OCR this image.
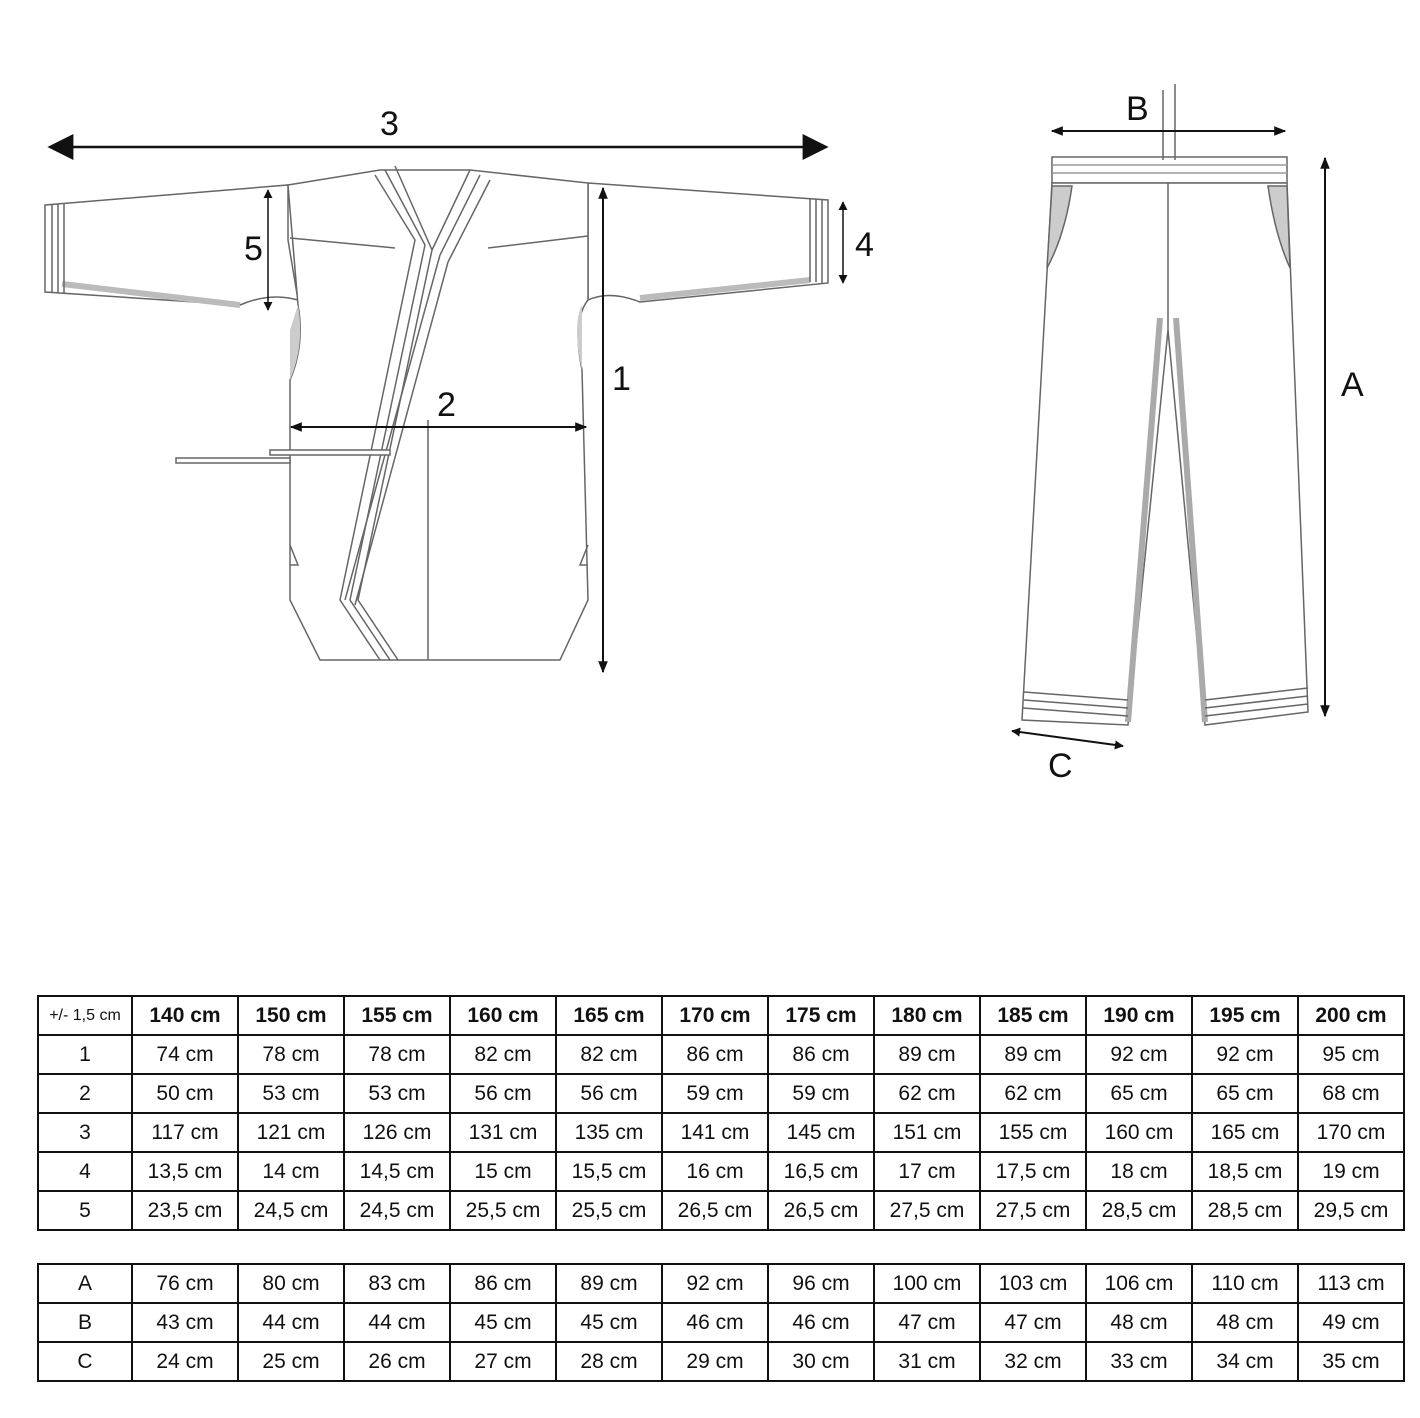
3
1
2
5	4
B
A
C
+/- 1,5 cm	140 cm	150 cm	155 cm	160 cm	165 cm	170 cm	175 cm	180 cm	185 cm	190 cm	195 cm	200 cm
1	74 cm	78 cm	78 cm	82 cm	82 cm	86 cm	86 cm	89 cm	89 cm	92 cm	92 cm	95 cm
2	50 cm	53 cm	53 cm	56 cm	56 cm	59 cm	59 cm	62 cm	62 cm	65 cm	65 cm	68 cm
3	117 cm	121 cm	126 cm	131 cm	135 cm	141 cm	145 cm	151 cm	155 cm	160 cm	165 cm	170 cm
4	13,5 cm	14 cm	14,5 cm	15 cm	15,5 cm	16 cm	16,5 cm	17 cm	17,5 cm	18 cm	18,5 cm	19 cm
5	23,5 cm	24,5 cm	24,5 cm	25,5 cm	25,5 cm	26,5 cm	26,5 cm	27,5 cm	27,5 cm	28,5 cm	28,5 cm	29,5 cm
A	76 cm	80 cm	83 cm	86 cm	89 cm	92 cm	96 cm	100 cm	103 cm	106 cm	110 cm	113 cm
B	43 cm	44 cm	44 cm	45 cm	45 cm	46 cm	46 cm	47 cm	47 cm	48 cm	48 cm	49 cm
C	24 cm	25 cm	26 cm	27 cm	28 cm	29 cm	30 cm	31 cm	32 cm	33 cm	34 cm	35 cm
